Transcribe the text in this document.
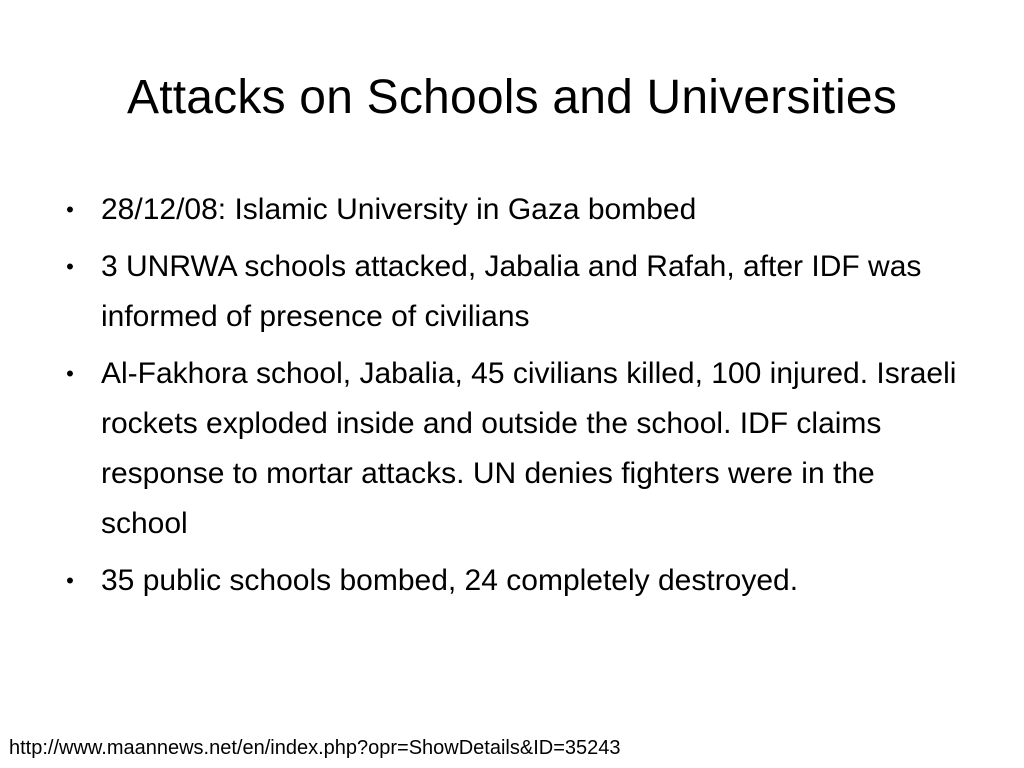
Attacks on Schools and Universities
• 28/12/08: Islamic University in Gaza bombed
• 3 UNRWA schools attacked, Jabalia and Rafah, after IDF was informed of presence of civilians
• Al-Fakhora school, Jabalia, 45 civilians killed, 100 injured. Israeli rockets exploded inside and outside the school. IDF claims response to mortar attacks. UN denies fighters were in the school
• 35 public schools bombed, 24 completely destroyed.
http://www.maannews.net/en/index.php?opr=ShowDetails&ID=35243
